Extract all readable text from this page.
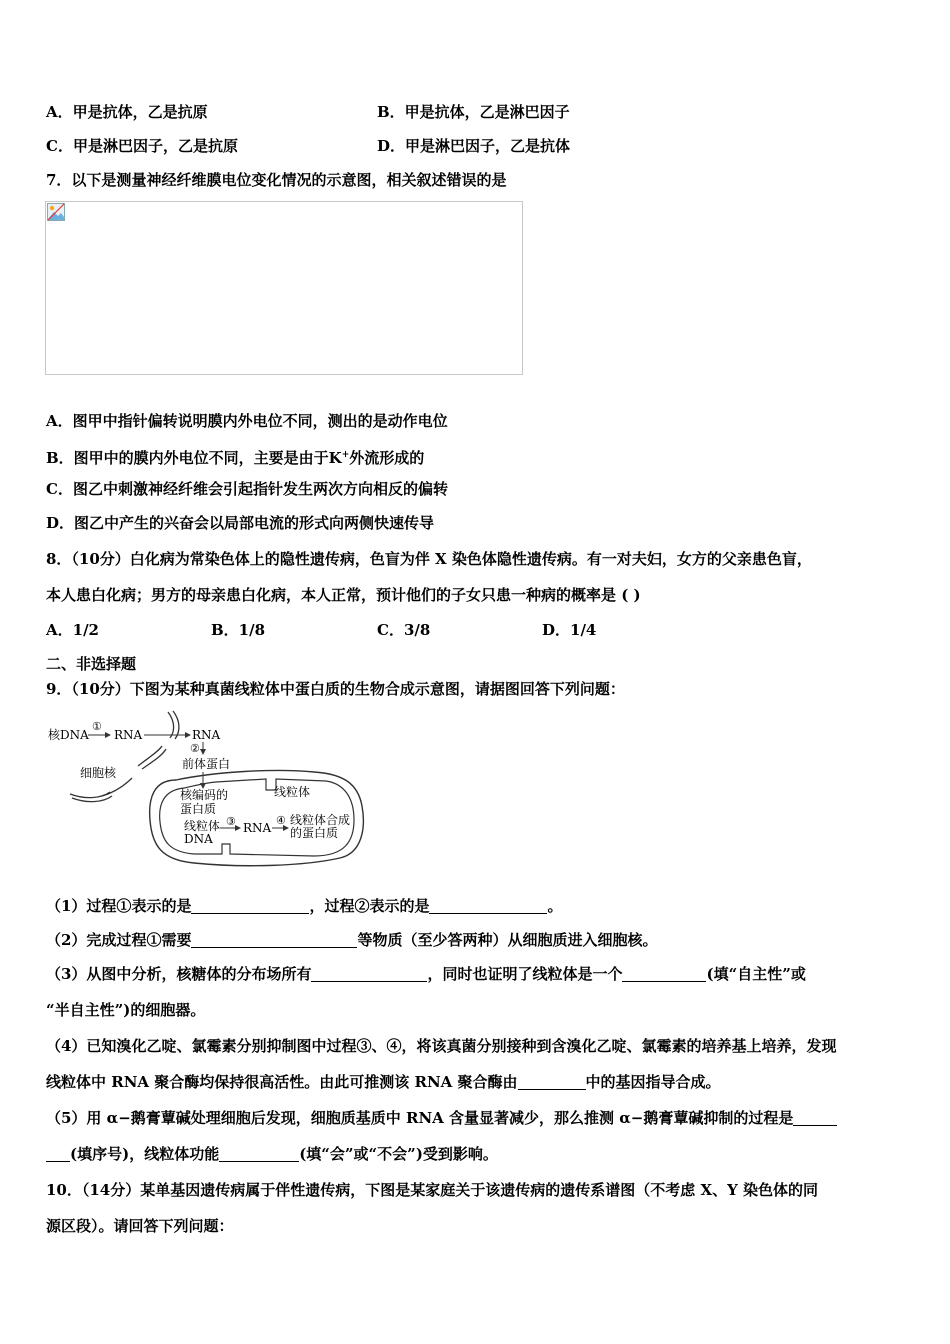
A．甲是抗体，乙是抗原	B．甲是抗体，乙是淋巴因子
C．甲是淋巴因子，乙是抗原	D．甲是淋巴因子，乙是抗体
7．以下是测量神经纤维膜电位变化情况的示意图，相关叙述错误的是
A．图甲中指针偏转说明膜内外电位不同，测出的是动作电位
B．图甲中的膜内外电位不同，主要是由于K+外流形成的
C．图乙中刺激神经纤维会引起指针发生两次方向相反的偏转
D．图乙中产生的兴奋会以局部电流的形式向两侧快速传导
8．（10分）白化病为常染色体上的隐性遗传病，色盲为伴 X 染色体隐性遗传病。有一对夫妇，女方的父亲患色盲，
本人患白化病；男方的母亲患白化病，本人正常，预计他们的子女只患一种病的概率是 ( )
A．1/2	B．1/8	C．3/8	D．1/4
二、非选择题
9．（10分）下图为某种真菌线粒体中蛋白质的生物合成示意图，请据图回答下列问题：
核DNA
①
RNA	RNA
②
前体蛋白
细胞核
核编码的
蛋白质
线粒体
线粒体
DNA
③ RNA
④ 线粒体合成
的蛋白质
（1）过程①表示的是	，过程②表示的是	。
（2）完成过程①需要	等物质（至少答两种）从细胞质进入细胞核。
（3）从图中分析，核糖体的分布场所有	，同时也证明了线粒体是一个	(填“自主性”或
“半自主性”)的细胞器。
（4）已知溴化乙啶、氯霉素分别抑制图中过程③、④，将该真菌分别接种到含溴化乙啶、氯霉素的培养基上培养，发现
线粒体中 RNA 聚合酶均保持很高活性。由此可推测该 RNA 聚合酶由	中的基因指导合成。
（5）用 α−鹅膏蕈碱处理细胞后发现，细胞质基质中 RNA 含量显著减少，那么推测 α−鹅膏蕈碱抑制的过程是
(填序号)，线粒体功能	(填“会”或“不会”)受到影响。
10．（14分）某单基因遗传病属于伴性遗传病，下图是某家庭关于该遗传病的遗传系谱图（不考虑 X、Y 染色体的同
源区段）。请回答下列问题：
